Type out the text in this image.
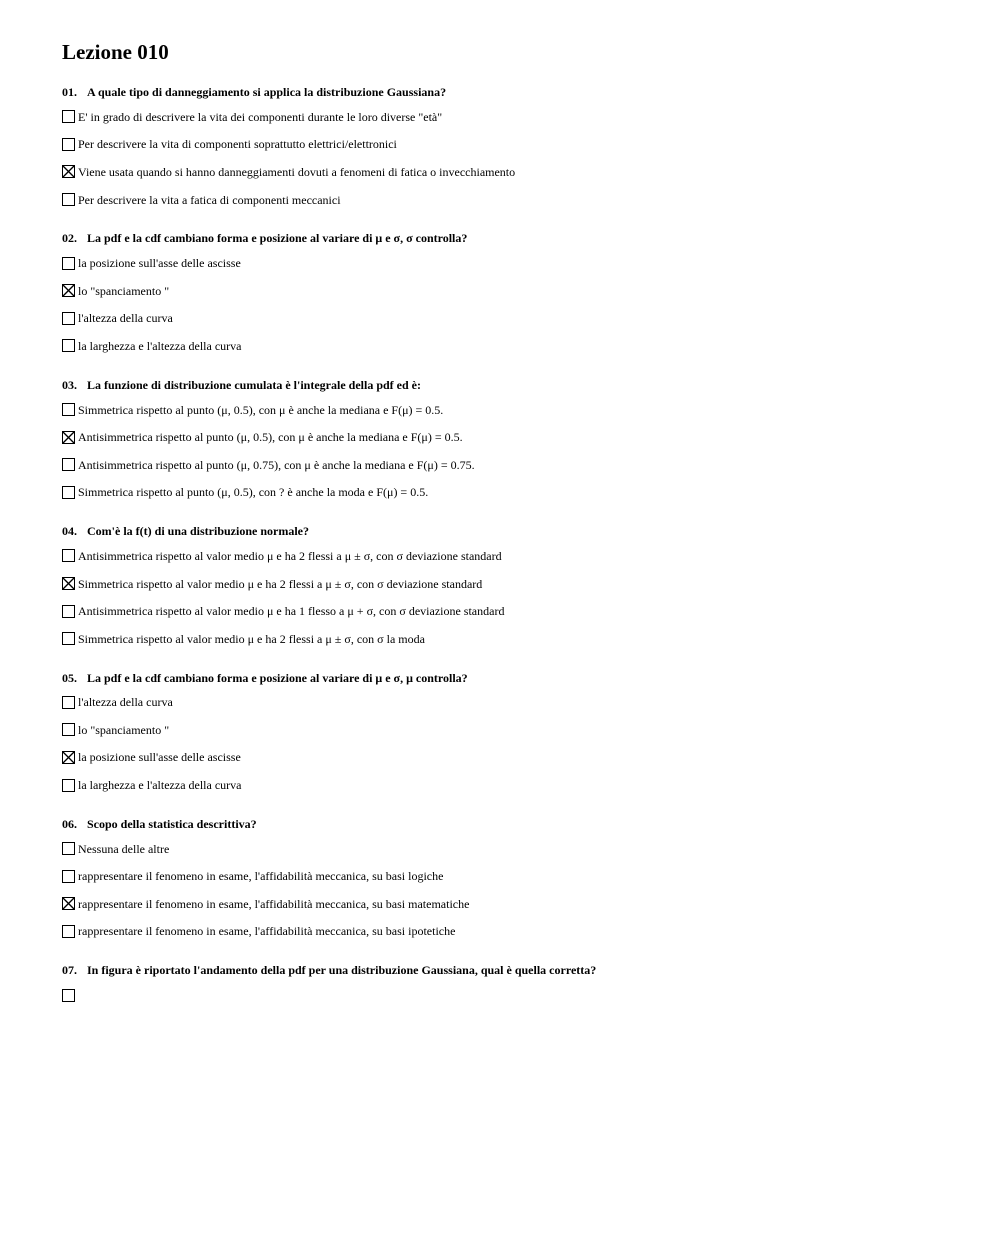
Lezione 010
01. A quale tipo di danneggiamento si applica la distribuzione Gaussiana?
E' in grado di descrivere la vita dei componenti durante le loro diverse "età"
Per descrivere la vita di componenti soprattutto elettrici/elettronici
Viene usata quando si hanno danneggiamenti dovuti a fenomeni di fatica o invecchiamento
Per descrivere la vita a fatica di componenti meccanici
02. La pdf e la cdf cambiano forma e posizione al variare di μ e σ, σ controlla?
la posizione sull'asse delle ascisse
lo "spanciamento "
l'altezza della curva
la larghezza e l'altezza della curva
03. La funzione di distribuzione cumulata è l'integrale della pdf ed è:
Simmetrica rispetto al punto (μ, 0.5), con μ è anche la mediana e F(μ) = 0.5.
Antisimmetrica rispetto al punto (μ, 0.5), con μ è anche la mediana e F(μ) = 0.5.
Antisimmetrica rispetto al punto (μ, 0.75), con μ è anche la mediana e F(μ) = 0.75.
Simmetrica rispetto al punto (μ, 0.5), con ? è anche la moda e F(μ) = 0.5.
04. Com'è la f(t) di una distribuzione normale?
Antisimmetrica rispetto al valor medio μ e ha 2 flessi a μ ± σ, con σ deviazione standard
Simmetrica rispetto al valor medio μ e ha 2 flessi a μ ± σ, con σ deviazione standard
Antisimmetrica rispetto al valor medio μ e ha 1 flesso a μ + σ, con σ deviazione standard
Simmetrica rispetto al valor medio μ e ha 2 flessi a μ ± σ, con σ la moda
05. La pdf e la cdf cambiano forma e posizione al variare di μ e σ, μ controlla?
l'altezza della curva
lo "spanciamento "
la posizione sull'asse delle ascisse
la larghezza e l'altezza della curva
06. Scopo della statistica descrittiva?
Nessuna delle altre
rappresentare il fenomeno in esame, l'affidabilità meccanica, su basi logiche
rappresentare il fenomeno in esame, l'affidabilità meccanica, su basi matematiche
rappresentare il fenomeno in esame, l'affidabilità meccanica, su basi ipotetiche
07. In figura è riportato l'andamento della pdf per una distribuzione Gaussiana, qual è quella corretta?
